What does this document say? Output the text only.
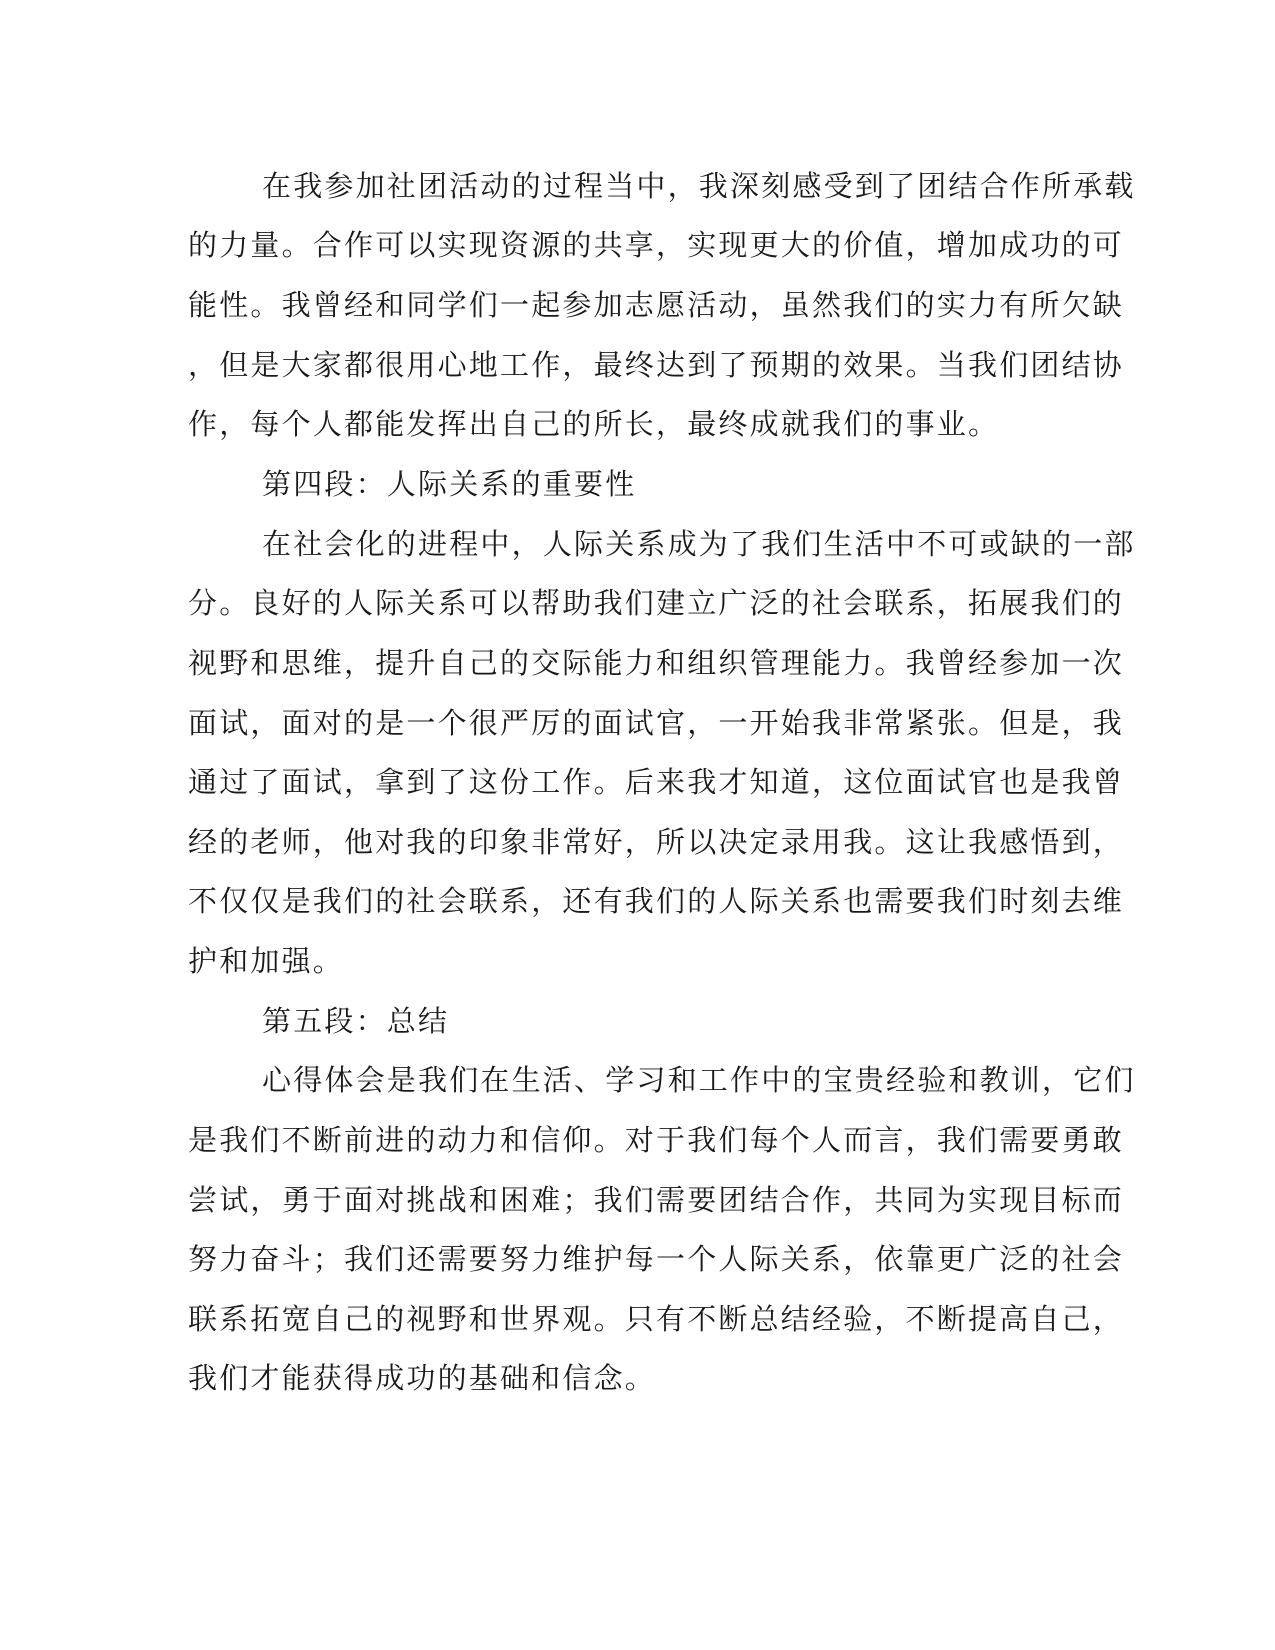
在我参加社团活动的过程当中，我深刻感受到了团结合作所承载
的力量。合作可以实现资源的共享，实现更大的价值，增加成功的可
能性。我曾经和同学们一起参加志愿活动，虽然我们的实力有所欠缺
，但是大家都很用心地工作，最终达到了预期的效果。当我们团结协
作，每个人都能发挥出自己的所长，最终成就我们的事业。
第四段：人际关系的重要性
在社会化的进程中，人际关系成为了我们生活中不可或缺的一部
分。良好的人际关系可以帮助我们建立广泛的社会联系，拓展我们的
视野和思维，提升自己的交际能力和组织管理能力。我曾经参加一次
面试，面对的是一个很严厉的面试官，一开始我非常紧张。但是，我
通过了面试，拿到了这份工作。后来我才知道，这位面试官也是我曾
经的老师，他对我的印象非常好，所以决定录用我。这让我感悟到，
不仅仅是我们的社会联系，还有我们的人际关系也需要我们时刻去维
护和加强。
第五段：总结
心得体会是我们在生活、学习和工作中的宝贵经验和教训，它们
是我们不断前进的动力和信仰。对于我们每个人而言，我们需要勇敢
尝试，勇于面对挑战和困难；我们需要团结合作，共同为实现目标而
努力奋斗；我们还需要努力维护每一个人际关系，依靠更广泛的社会
联系拓宽自己的视野和世界观。只有不断总结经验，不断提高自己，
我们才能获得成功的基础和信念。
